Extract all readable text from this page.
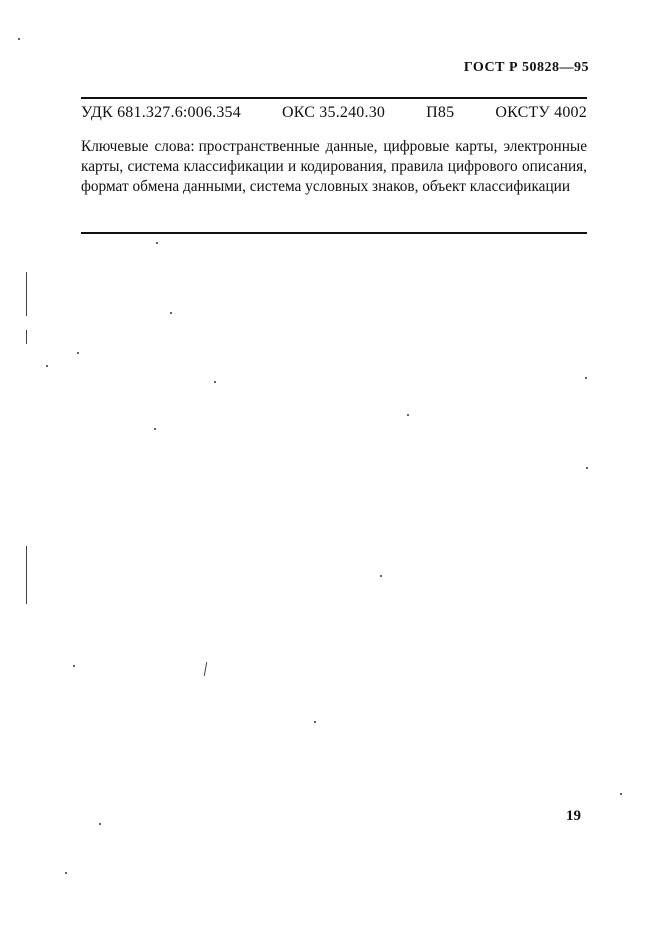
ГОСТ Р 50828—95
УДК 681.327.6:006.354	ОКС 35.240.30	П85	ОКСТУ 4002
Ключевые слова: пространственные данные, цифровые карты, электронные карты, система классификации и кодирования, правила цифрового описания, формат обмена данными, система условных знаков, объект классификации
19
